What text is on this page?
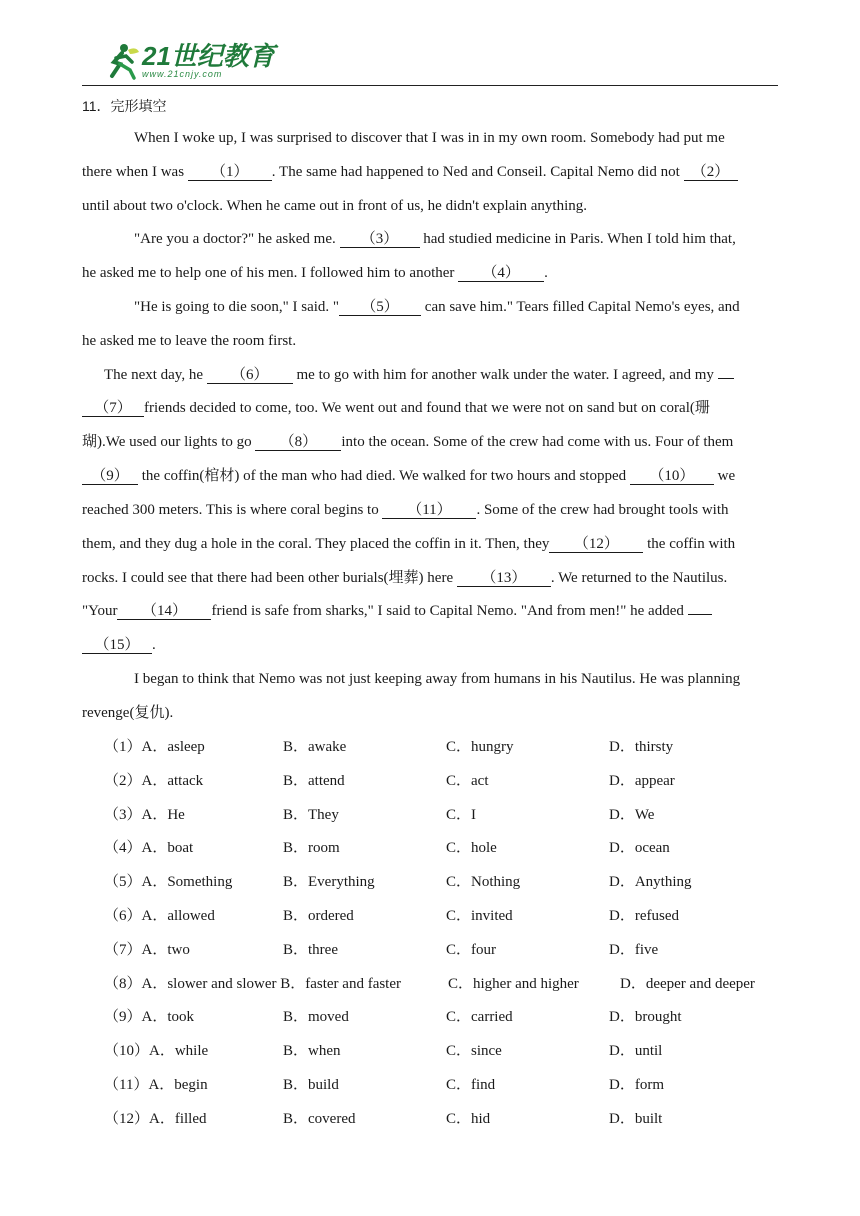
21世纪教育
www.21cnjy.com
11．完形填空
When I woke up, I was surprised to discover that I was in in my own room. Somebody had put me
there when I was （1） . The same had happened to Ned and Conseil. Capital Nemo did not （2）
until about two o'clock. When he came out in front of us, he didn't explain anything.
"Are you a doctor?" he asked me. （3） had studied medicine in Paris. When I told him that,
he asked me to help one of his men. I followed him to another （4） .
"He is going to die soon," I said. " （5） can save him." Tears filled Capital Nemo's eyes, and
he asked me to leave the room first.
The next day, he （6） me to go with him for another walk under the water. I agreed, and my
（7） friends decided to come, too. We went out and found that we were not on sand but on coral(珊
瑚).We used our lights to go （8） into the ocean. Some of the crew had come with us. Four of them
（9） the coffin(棺材) of the man who had died. We walked for two hours and stopped （10） we
reached 300 meters. This is where coral begins to （11） . Some of the crew had brought tools with
them, and they dug a hole in the coral. They placed the coffin in it. Then, they （12） the coffin with
rocks. I could see that there had been other burials(埋葬) here （13） . We returned to the Nautilus.
"Your （14） friend is safe from sharks," I said to Capital Nemo. "And from men!" he added
（15） .
I began to think that Nemo was not just keeping away from humans in his Nautilus. He was planning
revenge(复仇).
（1）A．asleep	B．awake	C．hungry	D．thirsty
（2）A．attack	B．attend	C．act	D．appear
（3）A．He	B．They	C．I	D．We
（4）A．boat	B．room	C．hole	D．ocean
（5）A．Something	B．Everything	C．Nothing	D．Anything
（6）A．allowed	B．ordered	C．invited	D．refused
（7）A．two	B．three	C．four	D．five
（8）A．slower and slower B．faster and faster	C．higher and higher	D．deeper and deeper
（9）A．took	B．moved	C．carried	D．brought
（10）A．while	B．when	C．since	D．until
（11）A．begin	B．build	C．find	D．form
（12）A．filled	B．covered	C．hid	D．built
